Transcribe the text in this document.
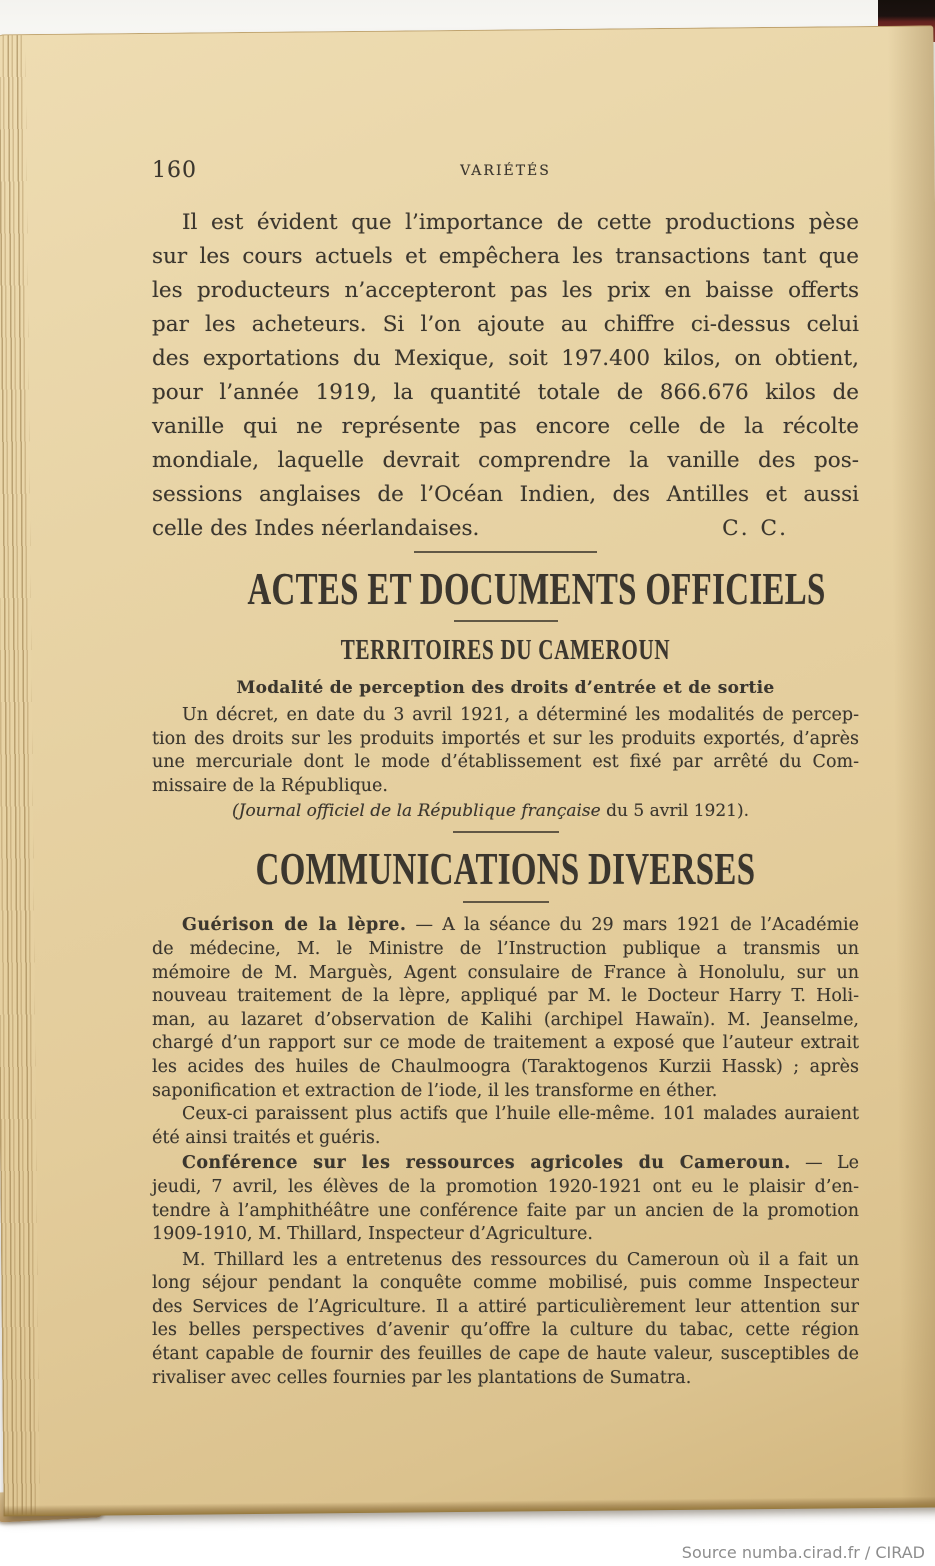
160	VARIÉTÉS
Il est évident que l’importance de cette productions pèse
sur les cours actuels et empêchera les transactions tant que
les producteurs n’accepteront pas les prix en baisse offerts
par les acheteurs. Si l’on ajoute au chiffre ci-dessus celui
des exportations du Mexique, soit 197.400 kilos, on obtient,
pour l’année 1919, la quantité totale de 866.676 kilos de
vanille qui ne représente pas encore celle de la récolte
mondiale, laquelle devrait comprendre la vanille des pos-
sessions anglaises de l’Océan Indien, des Antilles et aussi
celle des Indes néerlandaises.	C. C.
ACTES ET DOCUMENTS OFFICIELS
TERRITOIRES DU CAMEROUN
Modalité de perception des droits d’entrée et de sortie
Un décret, en date du 3 avril 1921, a déterminé les modalités de percep-
tion des droits sur les produits importés et sur les produits exportés, d’après
une mercuriale dont le mode d’établissement est fixé par arrêté du Com-
missaire de la République.
(Journal officiel de la République française du 5 avril 1921).
COMMUNICATIONS DIVERSES
Guérison de la lèpre. — A la séance du 29 mars 1921 de l’Académie
de médecine, M. le Ministre de l’Instruction publique a transmis un
mémoire de M. Marguès, Agent consulaire de France à Honolulu, sur un
nouveau traitement de la lèpre, appliqué par M. le Docteur Harry T. Holi-
man, au lazaret d’observation de Kalihi (archipel Hawaïn). M. Jeanselme,
chargé d’un rapport sur ce mode de traitement a exposé que l’auteur extrait
les acides des huiles de Chaulmoogra (Taraktogenos Kurzii Hassk) ; après
saponification et extraction de l’iode, il les transforme en éther.
Ceux-ci paraissent plus actifs que l’huile elle-même. 101 malades auraient
été ainsi traités et guéris.
Conférence sur les ressources agricoles du Cameroun. — Le
jeudi, 7 avril, les élèves de la promotion 1920-1921 ont eu le plaisir d’en-
tendre à l’amphithéâtre une conférence faite par un ancien de la promotion
1909-1910, M. Thillard, Inspecteur d’Agriculture.
M. Thillard les a entretenus des ressources du Cameroun où il a fait un
long séjour pendant la conquête comme mobilisé, puis comme Inspecteur
des Services de l’Agriculture. Il a attiré particulièrement leur attention sur
les belles perspectives d’avenir qu’offre la culture du tabac, cette région
étant capable de fournir des feuilles de cape de haute valeur, susceptibles de
rivaliser avec celles fournies par les plantations de Sumatra.
Source numba.cirad.fr / CIRAD
